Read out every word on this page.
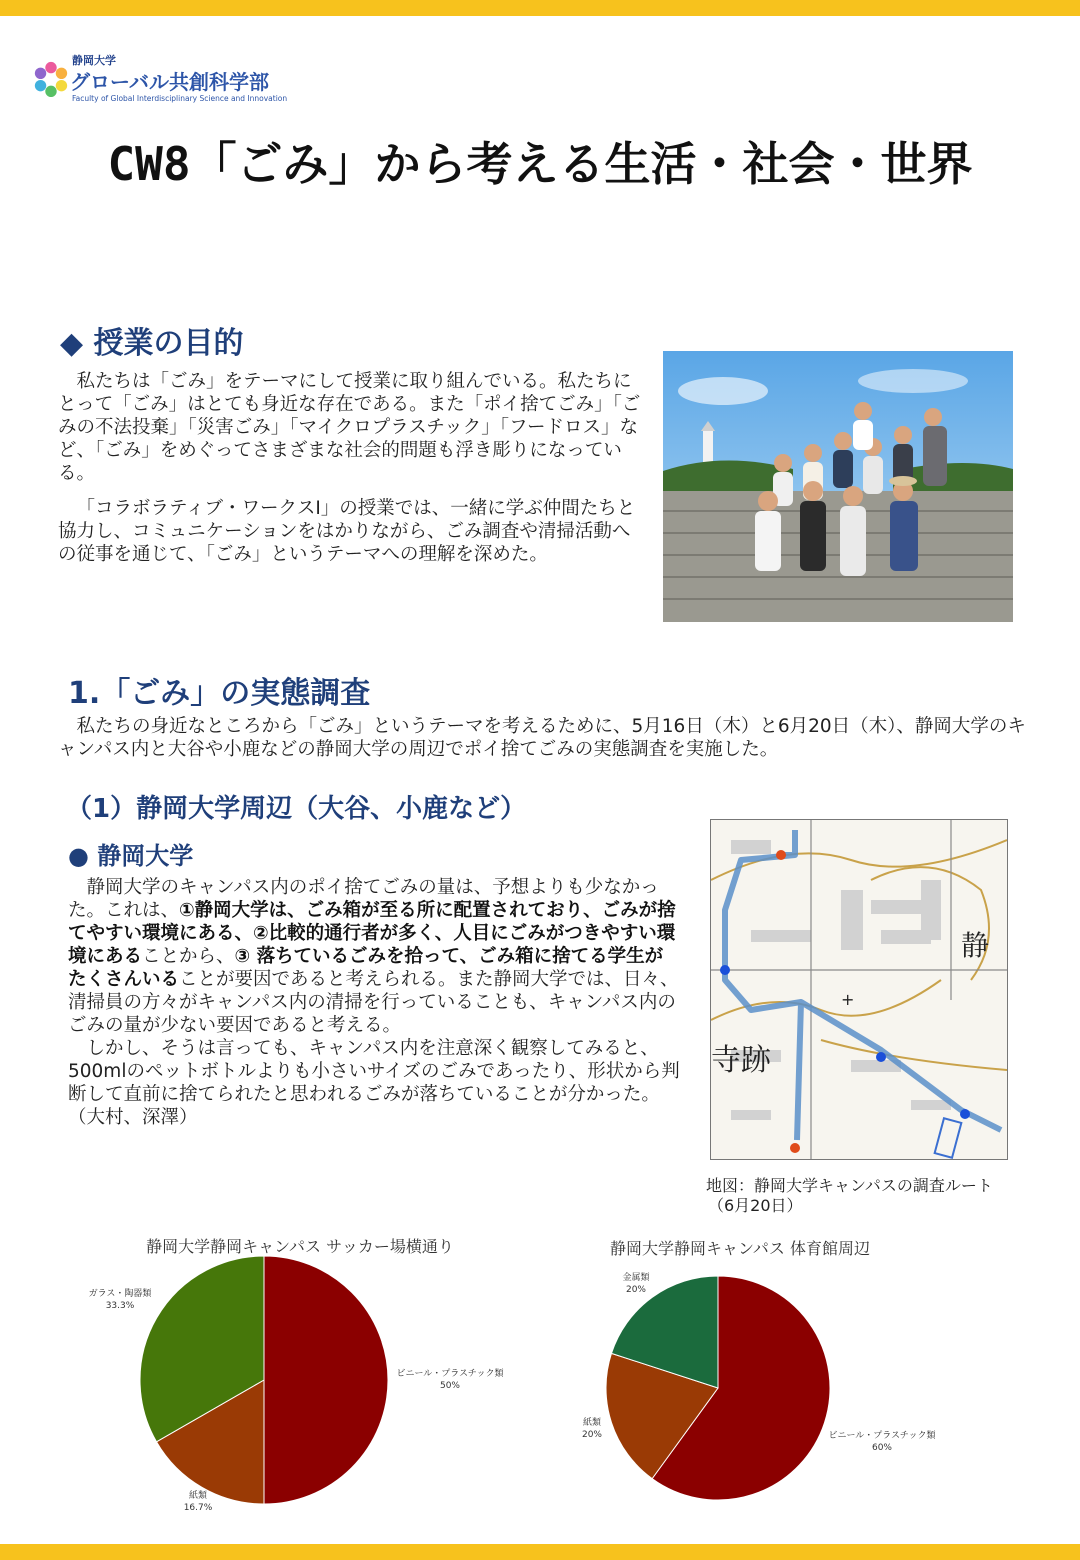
静岡大学
グローバル共創科学部
Faculty of Global Interdisciplinary Science and Innovation
CW8「ごみ」から考える生活・社会・世界
◆ 授業の目的

私たちは「ごみ」をテーマにして授業に取り組んでいる。私たちにとって「ごみ」はとても身近な存在である。また「ポイ捨てごみ」「ごみの不法投棄」「災害ごみ」「マイクロプラスチック」「フードロス」など、「ごみ」をめぐってさまざまな社会的問題も浮き彫りになっている。

「コラボラティブ・ワークスⅠ」の授業では、一緒に学ぶ仲間たちと協力し、コミュニケーションをはかりながら、ごみ調査や清掃活動への従事を通じて、「ごみ」というテーマへの理解を深めた。

1.「ごみ」の実態調査

私たちの身近なところから「ごみ」というテーマを考えるために、5月16日（木）と6月20日（木）、静岡大学のキャンパス内と大谷や小鹿などの静岡大学の周辺でポイ捨てごみの実態調査を実施した。

（1）静岡大学周辺（大谷、小鹿など）
● 静岡大学

静岡大学のキャンパス内のポイ捨てごみの量は、予想よりも少なかった。これは、①静岡大学は、ごみ箱が至る所に配置されており、ごみが捨てやすい環境にある、②比較的通行者が多く、人目にごみがつきやすい環境にあることから、③ 落ちているごみを拾って、ごみ箱に捨てる学生がたくさんいることが要因であると考えられる。また静岡大学では、日々、清掃員の方々がキャンパス内の清掃を行っていることも、キャンパス内のごみの量が少ない要因であると考える。

しかし、そうは言っても、キャンパス内を注意深く観察してみると、500mlのペットボトルよりも小さいサイズのごみであったり、形状から判断して直前に捨てられたと思われるごみが落ちていることが分かった。（大村、深澤）

静
寺跡
+
地図：静岡大学キャンパスの調査ルート
（6月20日）
静岡大学静岡キャンパス サッカー場横通り
ビニール・プラスチック類
50%
紙類
16.7%
ガラス・陶器類
33.3%
静岡大学静岡キャンパス 体育館周辺
ビニール・プラスチック類
60%
紙類
20%
金属類
20%
